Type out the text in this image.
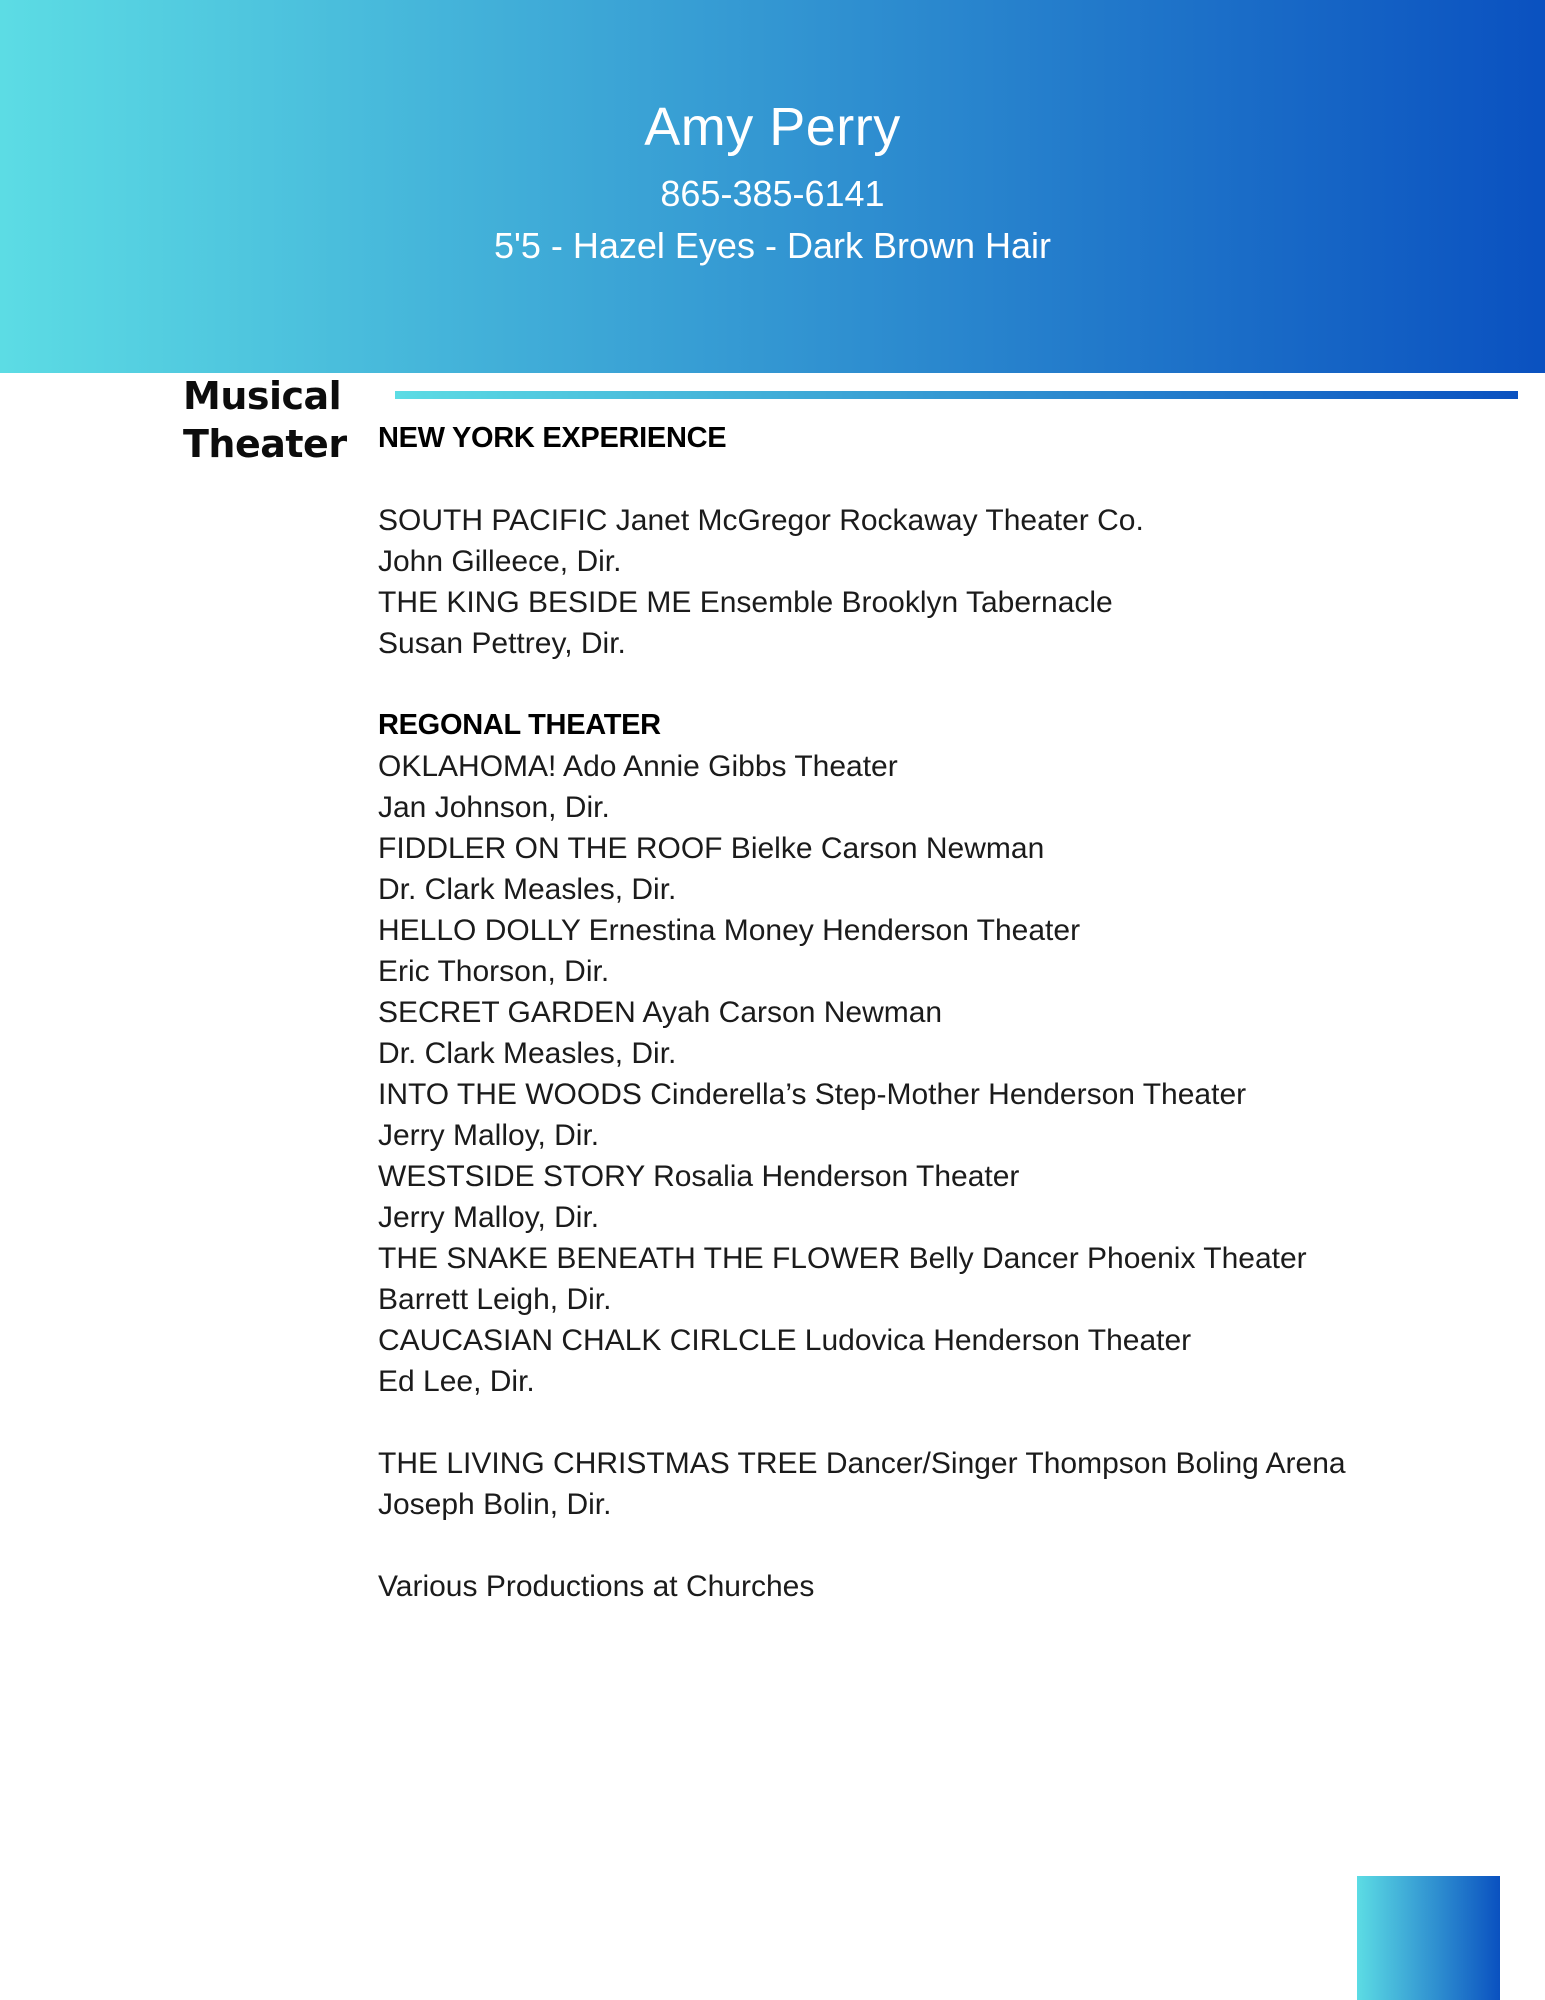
Amy Perry
865-385-6141
5'5 - Hazel Eyes - Dark Brown Hair
Musical
Theater NEW YORK EXPERIENCE
SOUTH PACIFIC Janet McGregor Rockaway Theater Co.
John Gilleece, Dir.
THE KING BESIDE ME Ensemble Brooklyn Tabernacle
Susan Pettrey, Dir.
REGONAL THEATER
OKLAHOMA! Ado Annie Gibbs Theater
Jan Johnson, Dir.
FIDDLER ON THE ROOF Bielke Carson Newman
Dr. Clark Measles, Dir.
HELLO DOLLY Ernestina Money Henderson Theater
Eric Thorson, Dir.
SECRET GARDEN Ayah Carson Newman
Dr. Clark Measles, Dir.
INTO THE WOODS Cinderella’s Step-Mother Henderson Theater
Jerry Malloy, Dir.
WESTSIDE STORY Rosalia Henderson Theater
Jerry Malloy, Dir.
THE SNAKE BENEATH THE FLOWER Belly Dancer Phoenix Theater
Barrett Leigh, Dir.
CAUCASIAN CHALK CIRLCLE Ludovica Henderson Theater
Ed Lee, Dir.
THE LIVING CHRISTMAS TREE Dancer/Singer Thompson Boling Arena
Joseph Bolin, Dir.
Various Productions at Churches
